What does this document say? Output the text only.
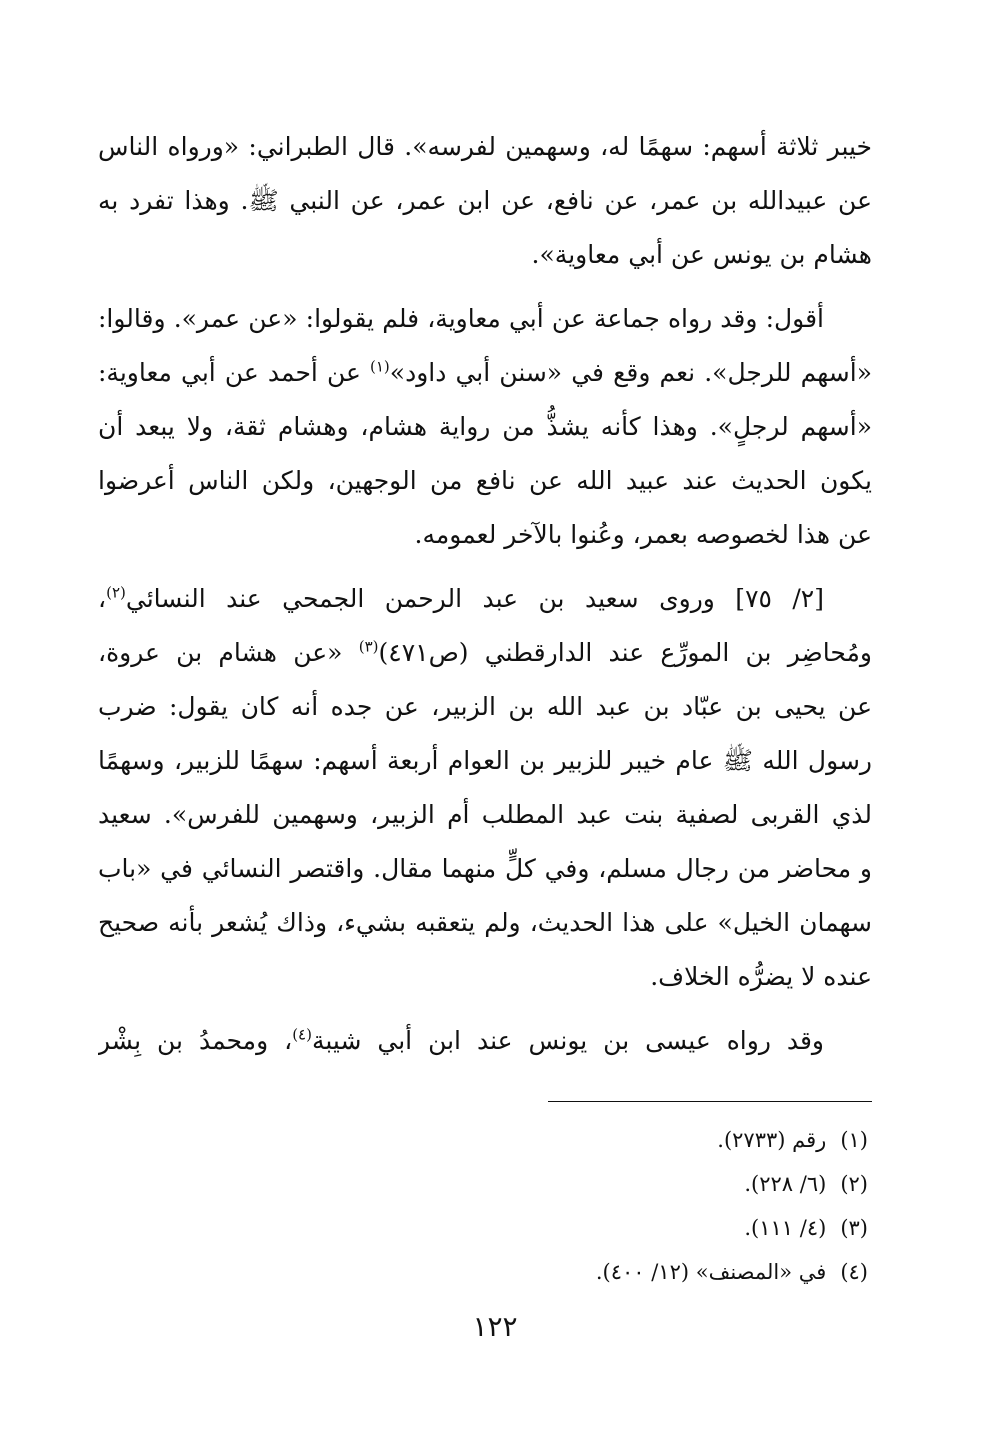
خيبر ثلاثة أسهم: سهمًا له، وسهمين لفرسه». قال الطبراني: «ورواه الناس
عن عبيدالله بن عمر، عن نافع، عن ابن عمر، عن النبي ﷺ. وهذا تفرد به
هشام بن يونس عن أبي معاوية».
أقول: وقد رواه جماعة عن أبي معاوية، فلم يقولوا: «عن عمر». وقالوا:
«أسهم للرجل». نعم وقع في «سنن أبي داود»$^{(١)}$ عن أحمد عن أبي معاوية:
«أسهم لرجلٍ». وهذا كأنه يشذُّ من رواية هشام، وهشام ثقة، ولا يبعد أن
يكون الحديث عند عبيد الله عن نافع من الوجهين، ولكن الناس أعرضوا
عن هذا لخصوصه بعمر، وعُنوا بالآخر لعمومه.
[٢/ ٧٥] وروى سعيد بن عبد الرحمن الجمحي عند النسائي$^{(٢)}$،
ومُحاضِر بن المورِّع عند الدارقطني (ص٤٧١)$^{(٣)}$ «عن هشام بن عروة،
عن يحيى بن عبّاد بن عبد الله بن الزبير، عن جده أنه كان يقول: ضرب
رسول الله ﷺ عام خيبر للزبير بن العوام أربعة أسهم: سهمًا للزبير، وسهمًا
لذي القربى لصفية بنت عبد المطلب أم الزبير، وسهمين للفرس». سعيد
و محاضر من رجال مسلم، وفي كلٍّ منهما مقال. واقتصر النسائي في «باب
سهمان الخيل» على هذا الحديث، ولم يتعقبه بشيء، وذاك يُشعر بأنه صحيح
عنده لا يضرُّه الخلاف.
وقد رواه عيسى بن يونس عند ابن أبي شيبة$^{(٤)}$، ومحمدُ بن بِشْر
(١)رقم (٢٧٣٣).
(٢)(٦/ ٢٢٨).
(٣)(٤/ ١١١).
(٤)في «المصنف» (١٢/ ٤٠٠).
١٢٢
